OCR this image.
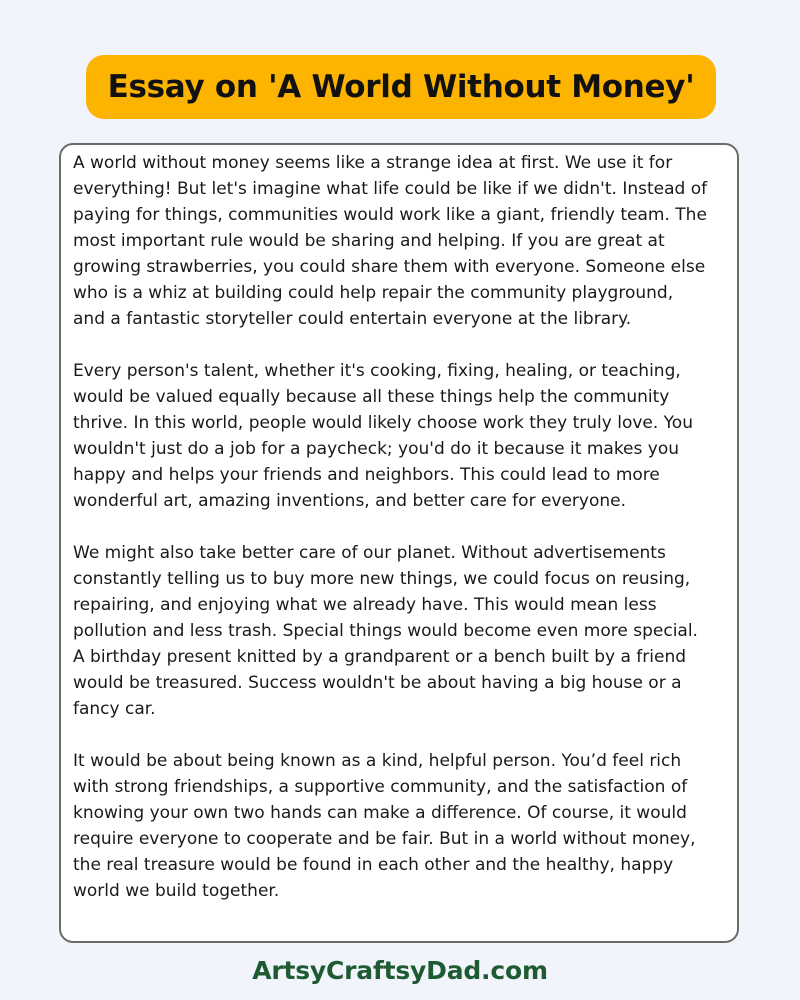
Essay on 'A World Without Money'

A world without money seems like a strange idea at first. We use it for
everything! But let's imagine what life could be like if we didn't. Instead of
paying for things, communities would work like a giant, friendly team. The
most important rule would be sharing and helping. If you are great at
growing strawberries, you could share them with everyone. Someone else
who is a whiz at building could help repair the community playground,
and a fantastic storyteller could entertain everyone at the library.

Every person's talent, whether it's cooking, fixing, healing, or teaching,
would be valued equally because all these things help the community
thrive. In this world, people would likely choose work they truly love. You
wouldn't just do a job for a paycheck; you'd do it because it makes you
happy and helps your friends and neighbors. This could lead to more
wonderful art, amazing inventions, and better care for everyone.

We might also take better care of our planet. Without advertisements
constantly telling us to buy more new things, we could focus on reusing,
repairing, and enjoying what we already have. This would mean less
pollution and less trash. Special things would become even more special.
A birthday present knitted by a grandparent or a bench built by a friend
would be treasured. Success wouldn't be about having a big house or a
fancy car.

It would be about being known as a kind, helpful person. You’d feel rich
with strong friendships, a supportive community, and the satisfaction of
knowing your own two hands can make a difference. Of course, it would
require everyone to cooperate and be fair. But in a world without money,
the real treasure would be found in each other and the healthy, happy
world we build together.

ArtsyCraftsyDad.com
